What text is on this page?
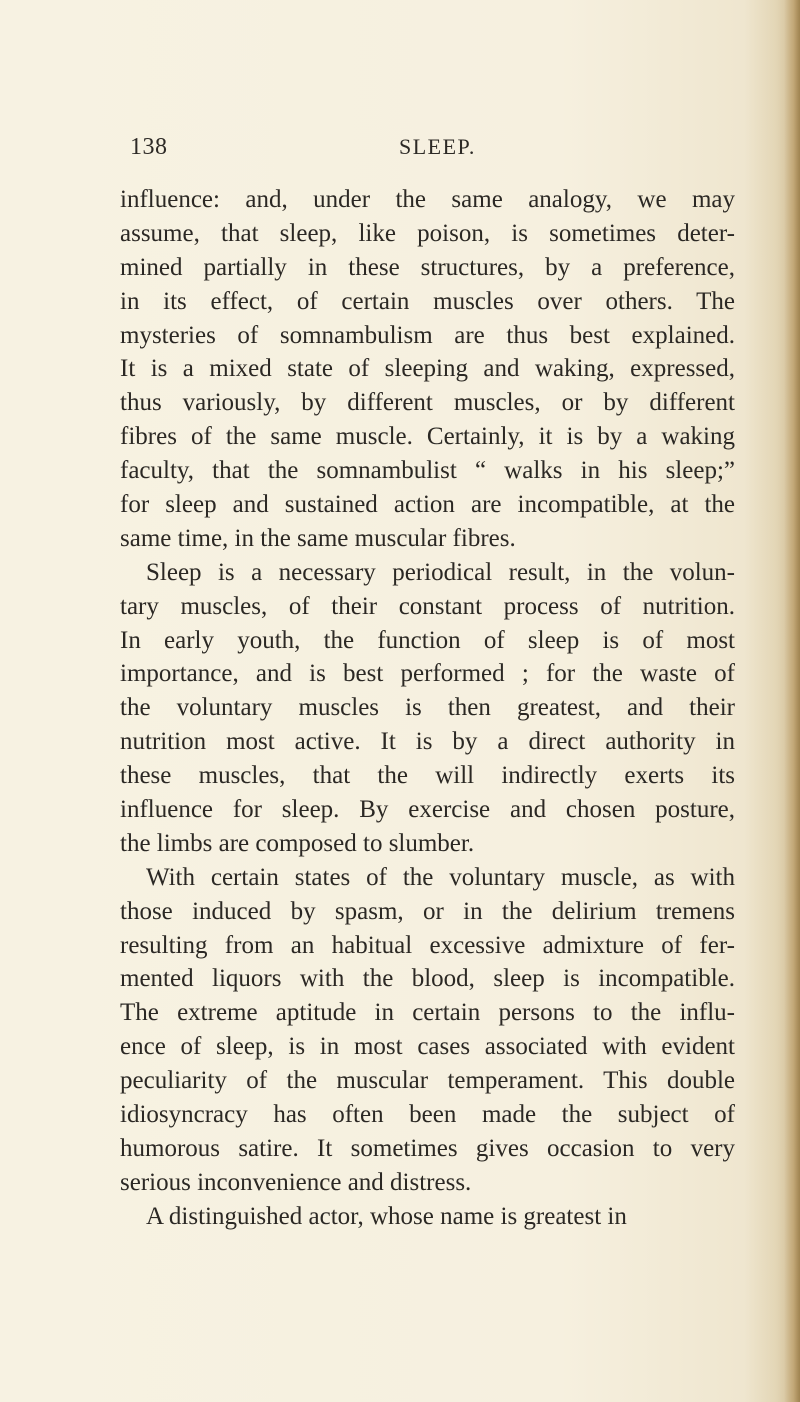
138	SLEEP.
influence: and, under the same analogy, we may
assume, that sleep, like poison, is sometimes deter-
mined partially in these structures, by a preference,
in its effect, of certain muscles over others. The
mysteries of somnambulism are thus best explained.
It is a mixed state of sleeping and waking, expressed,
thus variously, by different muscles, or by different
fibres of the same muscle. Certainly, it is by a waking
faculty, that the somnambulist “ walks in his sleep;”
for sleep and sustained action are incompatible, at the
same time, in the same muscular fibres.
Sleep is a necessary periodical result, in the volun-
tary muscles, of their constant process of nutrition.
In early youth, the function of sleep is of most
importance, and is best performed ; for the waste of
the voluntary muscles is then greatest, and their
nutrition most active. It is by a direct authority in
these muscles, that the will indirectly exerts its
influence for sleep. By exercise and chosen posture,
the limbs are composed to slumber.
With certain states of the voluntary muscle, as with
those induced by spasm, or in the delirium tremens
resulting from an habitual excessive admixture of fer-
mented liquors with the blood, sleep is incompatible.
The extreme aptitude in certain persons to the influ-
ence of sleep, is in most cases associated with evident
peculiarity of the muscular temperament. This double
idiosyncracy has often been made the subject of
humorous satire. It sometimes gives occasion to very
serious inconvenience and distress.
A distinguished actor, whose name is greatest in
